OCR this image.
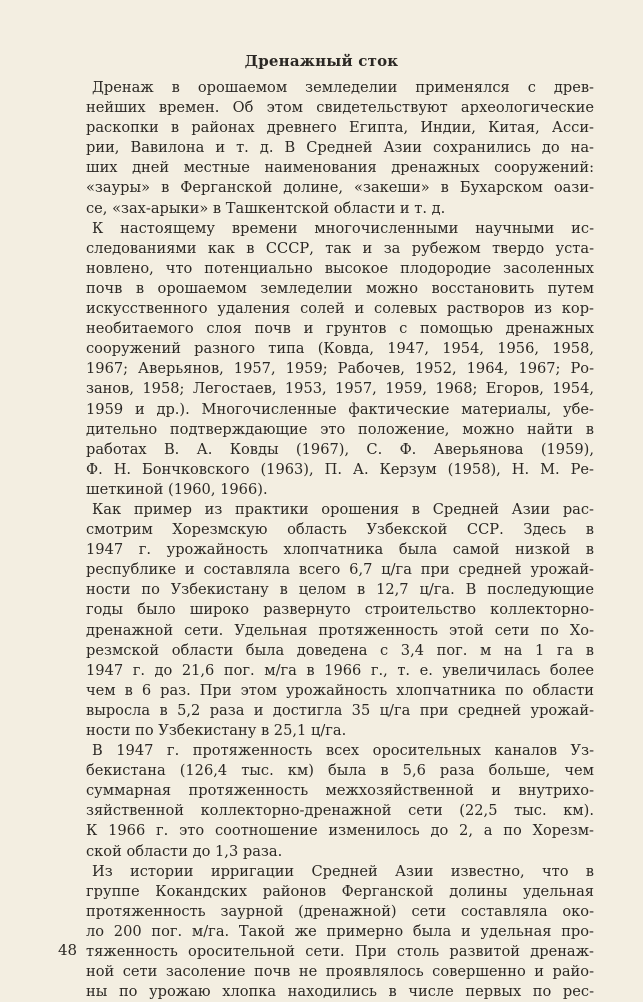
Дренажный сток
Дренаж в орошаемом земледелии применялся с древ-
нейших времен. Об этом свидетельствуют археологические
раскопки в районах древнего Египта, Индии, Китая, Асси-
рии, Вавилона и т. д. В Средней Азии сохранились до на-
ших дней местные наименования дренажных сооружений:
«зауры» в Ферганской долине, «закеши» в Бухарском оази-
се, «зах-арыки» в Ташкентской области и т. д.
К настоящему времени многочисленными научными ис-
следованиями как в СССР, так и за рубежом твердо уста-
новлено, что потенциально высокое плодородие засоленных
почв в орошаемом земледелии можно восстановить путем
искусственного удаления солей и солевых растворов из кор-
необитаемого слоя почв и грунтов с помощью дренажных
сооружений разного типа (Ковда, 1947, 1954, 1956, 1958,
1967; Аверьянов, 1957, 1959; Рабочев, 1952, 1964, 1967; Ро-
занов, 1958; Легостаев, 1953, 1957, 1959, 1968; Егоров, 1954,
1959 и др.). Многочисленные фактические материалы, убе-
дительно подтверждающие это положение, можно найти в
работах В. А. Ковды (1967), С. Ф. Аверьянова (1959),
Ф. Н. Бончковского (1963), П. А. Керзум (1958), Н. М. Ре-
шеткиной (1960, 1966).
Как пример из практики орошения в Средней Азии рас-
смотрим Хорезмскую область Узбекской ССР. Здесь в
1947 г. урожайность хлопчатника была самой низкой в
республике и составляла всего 6,7 ц/га при средней урожай-
ности по Узбекистану в целом в 12,7 ц/га. В последующие
годы было широко развернуто строительство коллекторно-
дренажной сети. Удельная протяженность этой сети по Хо-
резмской области была доведена с 3,4 пог. м на 1 га в
1947 г. до 21,6 пог. м/га в 1966 г., т. е. увеличилась более
чем в 6 раз. При этом урожайность хлопчатника по области
выросла в 5,2 раза и достигла 35 ц/га при средней урожай-
ности по Узбекистану в 25,1 ц/га.
В 1947 г. протяженность всех оросительных каналов Уз-
бекистана (126,4 тыс. км) была в 5,6 раза больше, чем
суммарная протяженность межхозяйственной и внутрихо-
зяйственной коллекторно-дренажной сети (22,5 тыс. км).
К 1966 г. это соотношение изменилось до 2, а по Хорезм-
ской области до 1,3 раза.
Из истории ирригации Средней Азии известно, что в
группе Кокандских районов Ферганской долины удельная
протяженность заурной (дренажной) сети составляла око-
ло 200 пог. м/га. Такой же примерно была и удельная про-
тяженность оросительной сети. При столь развитой дренаж-
ной сети засоление почв не проявлялось совершенно и райо-
ны по урожаю хлопка находились в числе первых по рес-
48
